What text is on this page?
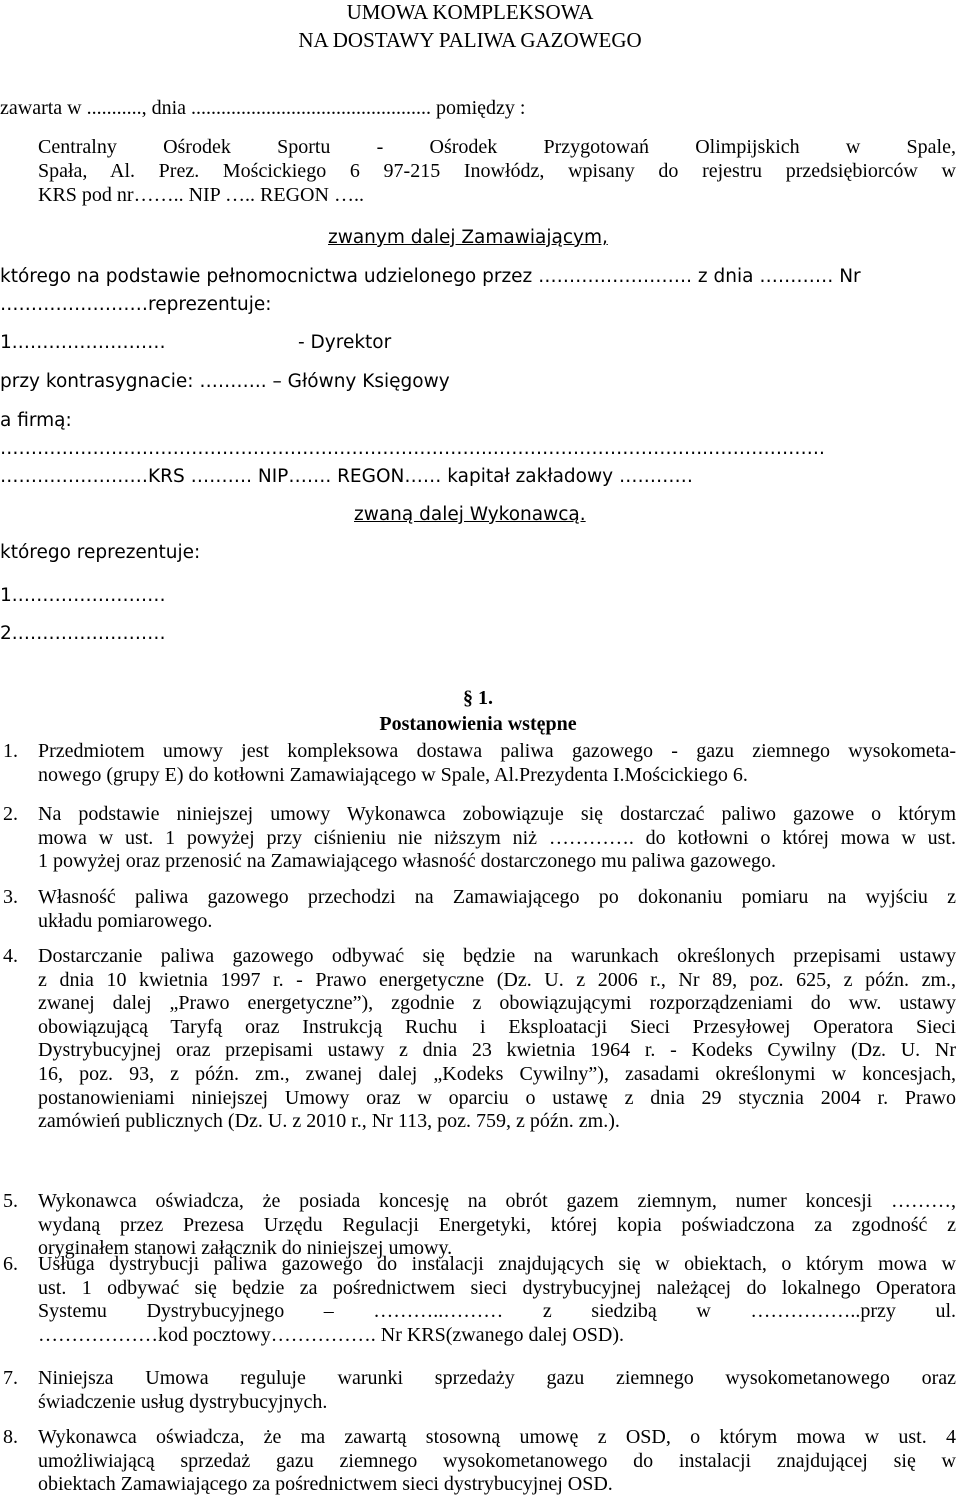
UMOWA KOMPLEKSOWA
NA DOSTAWY PALIWA GAZOWEGO
zawarta w ..........., dnia ................................................ pomiędzy :
Centralny Ośrodek Sportu - Ośrodek Przygotowań Olimpijskich w Spale,
Spała, Al. Prez. Mościckiego 6 97-215 Inowłódz, wpisany do rejestru przedsiębiorców w
KRS pod nr…….. NIP ….. REGON …..
zwanym dalej Zamawiającym,
którego na podstawie pełnomocnictwa udzielonego przez ……………………. z dnia ………… Nr
……………………reprezentuje:
1.……………………	- Dyrektor
przy kontrasygnacie: ……….. – Główny Księgowy
a firmą:
……………………………………………………………………..……………………………..……………….
……………………KRS ………. NIP……. REGON…… kapitał zakładowy …………
zwaną dalej Wykonawcą.
którego reprezentuje:
1.……………………
2.……………………
§ 1.
Postanowienia wstępne
1. Przedmiotem umowy jest kompleksowa dostawa paliwa gazowego - gazu ziemnego wysokometa-
nowego (grupy E) do kotłowni Zamawiającego w Spale, Al.Prezydenta I.Mościckiego 6.
2. Na podstawie niniejszej umowy Wykonawca zobowiązuje się dostarczać paliwo gazowe o którym
mowa w ust. 1 powyżej przy ciśnieniu nie niższym niż …………. do kotłowni o której mowa w ust.
1 powyżej oraz przenosić na Zamawiającego własność dostarczonego mu paliwa gazowego.
3. Własność paliwa gazowego przechodzi na Zamawiającego po dokonaniu pomiaru na wyjściu z
układu pomiarowego.
4. Dostarczanie paliwa gazowego odbywać się będzie na warunkach określonych przepisami ustawy
z dnia 10 kwietnia 1997 r. - Prawo energetyczne (Dz. U. z 2006 r., Nr 89, poz. 625, z późn. zm.,
zwanej dalej „Prawo energetyczne”), zgodnie z obowiązującymi rozporządzeniami do ww. ustawy
obowiązującą Taryfą oraz Instrukcją Ruchu i Eksploatacji Sieci Przesyłowej Operatora Sieci
Dystrybucyjnej oraz przepisami ustawy z dnia 23 kwietnia 1964 r. - Kodeks Cywilny (Dz. U. Nr
16, poz. 93, z późn. zm., zwanej dalej „Kodeks Cywilny”), zasadami określonymi w koncesjach,
postanowieniami niniejszej Umowy oraz w oparciu o ustawę z dnia 29 stycznia 2004 r. Prawo
zamówień publicznych (Dz. U. z 2010 r., Nr 113, poz. 759, z późn. zm.).
5. Wykonawca oświadcza, że posiada koncesję na obrót gazem ziemnym, numer koncesji ………,
wydaną przez Prezesa Urzędu Regulacji Energetyki, której kopia poświadczona za zgodność z
oryginałem stanowi załącznik do niniejszej umowy.
6. Usługa dystrybucji paliwa gazowego do instalacji znajdujących się w obiektach, o którym mowa w
ust. 1 odbywać się będzie za pośrednictwem sieci dystrybucyjnej należącej do lokalnego Operatora
Systemu Dystrybucyjnego – ………..……… z siedzibą w ……………..przy ul.
………………kod pocztowy……………. Nr KRS(zwanego dalej OSD).
7. Niniejsza Umowa reguluje warunki sprzedaży gazu ziemnego wysokometanowego oraz
świadczenie usług dystrybucyjnych.
8. Wykonawca oświadcza, że ma zawartą stosowną umowę z OSD, o którym mowa w ust. 4
umożliwiającą sprzedaż gazu ziemnego wysokometanowego do instalacji znajdującej się w
obiektach Zamawiającego za pośrednictwem sieci dystrybucyjnej OSD.
